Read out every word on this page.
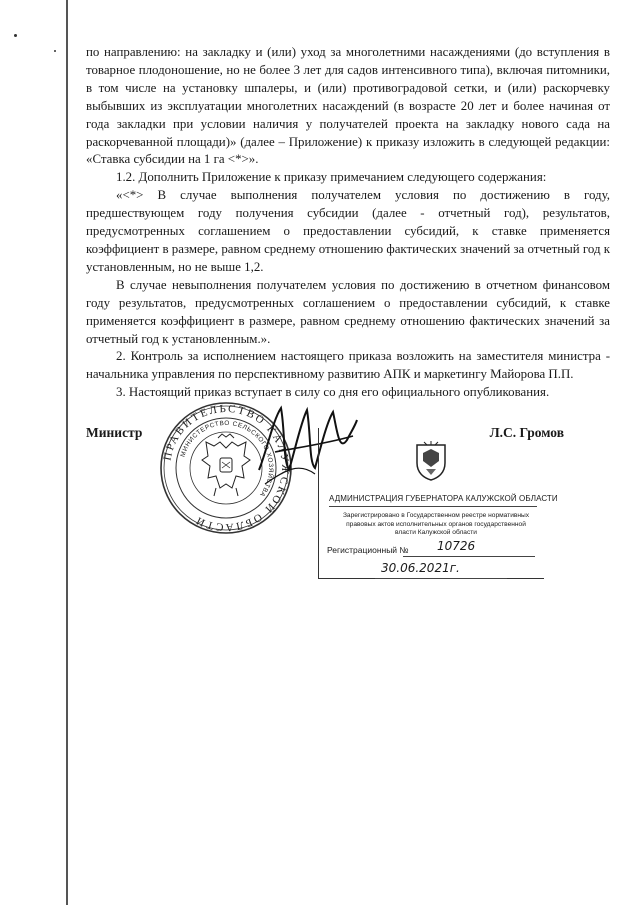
по направлению: на закладку и (или) уход за многолетними насаждениями (до вступления в товарное плодоношение, но не более 3 лет для садов интенсивного типа), включая питомники, в том числе на установку шпалеры, и (или) противоградовой сетки, и (или) раскорчевку выбывших из эксплуатации многолетних насаждений (в возрасте 20 лет и более начиная от года закладки при условии наличия у получателей проекта на закладку нового сада на раскорчеванной площади)» (далее – Приложение) к приказу изложить в следующей редакции: «Ставка субсидии на 1 га <*>».

1.2. Дополнить Приложение к приказу примечанием следующего содержания:

«<*> В случае выполнения получателем условия по достижению в году, предшествующем году получения субсидии (далее - отчетный год), результатов, предусмотренных соглашением о предоставлении субсидий, к ставке применяется коэффициент в размере, равном среднему отношению фактических значений за отчетный год к установленным, но не выше 1,2.

В случае невыполнения получателем условия по достижению в отчетном финансовом году результатов, предусмотренных соглашением о предоставлении субсидий, к ставке применяется коэффициент в размере, равном среднему отношению фактических значений за отчетный год к установленным.».

2. Контроль за исполнением настоящего приказа возложить на заместителя министра - начальника управления по перспективному развитию АПК и маркетингу Майорова П.П.

3. Настоящий приказ вступает в силу со дня его официального опубликования.

Министр	Л.С. Громов
ПРАВИТЕЛЬСТВО КАЛУЖСКОЙ ОБЛАСТИ
МИНИСТЕРСТВО СЕЛЬСКОГО ХОЗЯЙСТВА
АДМИНИСТРАЦИЯ ГУБЕРНАТОРА КАЛУЖСКОЙ ОБЛАСТИ
Зарегистрировано в Государственном реестре нормативных правовых актов исполнительных органов государственной власти Калужской области
Регистрационный № 10726
30.06.2021г.
